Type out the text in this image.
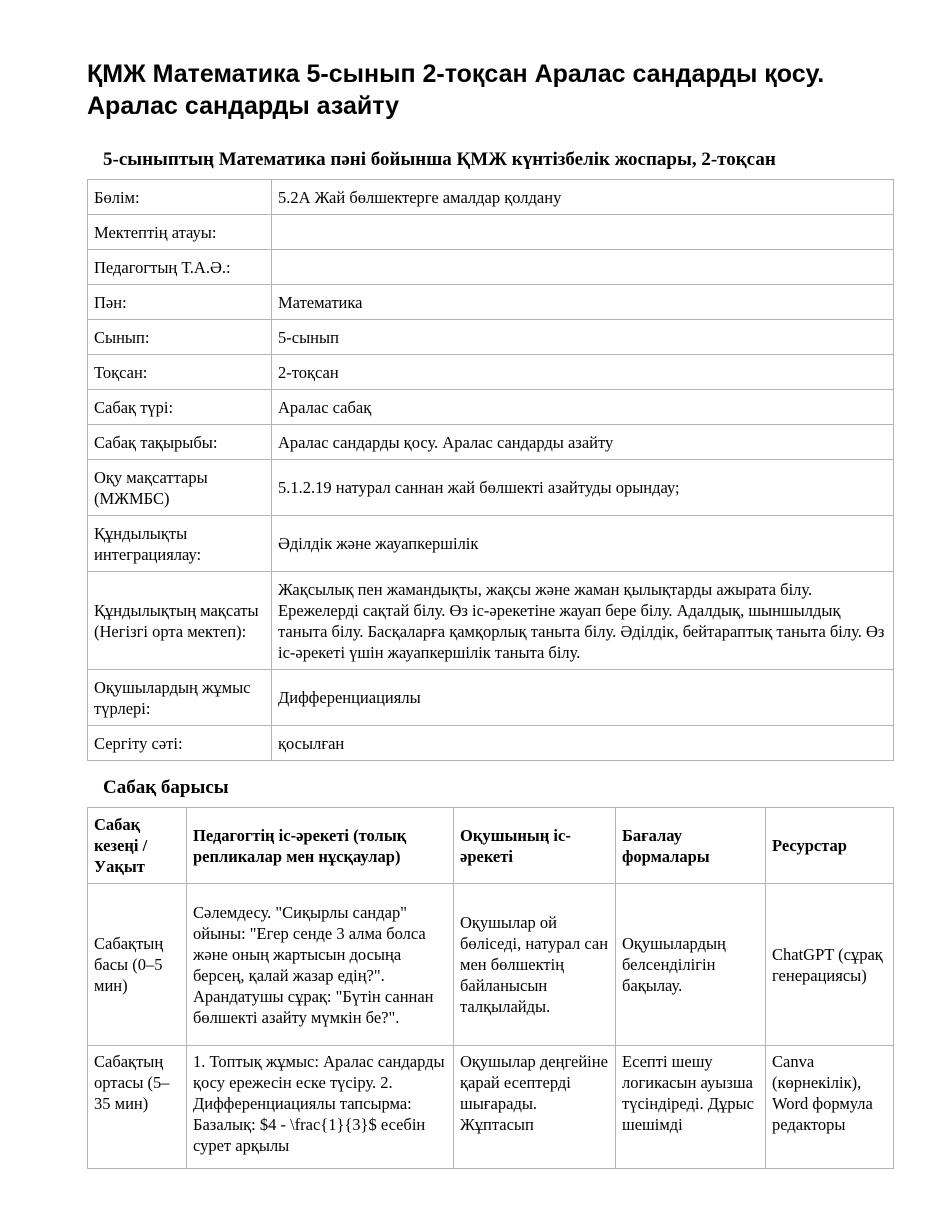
ҚМЖ Математика 5-сынып 2-тоқсан Аралас сандарды қосу. Аралас сандарды азайту
5-сыныптың Математика пәні бойынша ҚМЖ күнтізбелік жоспары, 2-тоқсан
Бөлім:	5.2А Жай бөлшектерге амалдар қолдану
Мектептің атауы:	
Педагогтың Т.А.Ә.:	
Пән:	Математика
Сынып:	5-сынып
Тоқсан:	2-тоқсан
Сабақ түрі:	Аралас сабақ
Сабақ тақырыбы:	Аралас сандарды қосу. Аралас сандарды азайту
Оқу мақсаттары (МЖМБС)	5.1.2.19 натурал саннан жай бөлшекті азайтуды орындау;
Құндылықты интеграциялау:	Әділдік және жауапкершілік
Құндылықтың мақсаты (Негізгі орта мектеп):	Жақсылық пен жамандықты, жақсы және жаман қылықтарды ажырата білу. Ережелерді сақтай білу. Өз іс-әрекетіне жауап бере білу. Адалдық, шыншылдық таныта білу. Басқаларға қамқорлық таныта білу. Әділдік, бейтараптық таныта білу. Өз іс-әрекеті үшін жауапкершілік таныта білу.
Оқушылардың жұмыс түрлері:	Дифференциациялы
Сергіту сәті:	қосылған
Сабақ барысы
Сабақ кезеңі / Уақыт	Педагогтің іс-әрекеті (толық репликалар мен нұсқаулар)	Оқушының іс-әрекеті	Бағалау формалары	Ресурстар
Сабақтың басы (0–5 мин)	Сәлемдесу. "Сиқырлы сандар" ойыны: "Егер сенде 3 алма болса және оның жартысын досыңа берсең, қалай жазар едің?". Арандатушы сұрақ: "Бүтін саннан бөлшекті азайту мүмкін бе?".	Оқушылар ой бөліседі, натурал сан мен бөлшектің байланысын талқылайды.	Оқушылардың белсенділігін бақылау.	ChatGPT (сұрақ генерациясы)

Сабақтың ортасы (5–35 мин)	1. Топтық жұмыс: Аралас сандарды қосу ережесін еске түсіру. 2. Дифференциациялы тапсырма: Базалық: $4 - \frac{1}{3}$ есебін сурет арқылы	Оқушылар деңгейіне қарай есептерді шығарады. Жұптасып	Есепті шешу логикасын ауызша түсіндіреді. Дұрыс шешімді	Canva (көрнекілік), Word формула редакторы
